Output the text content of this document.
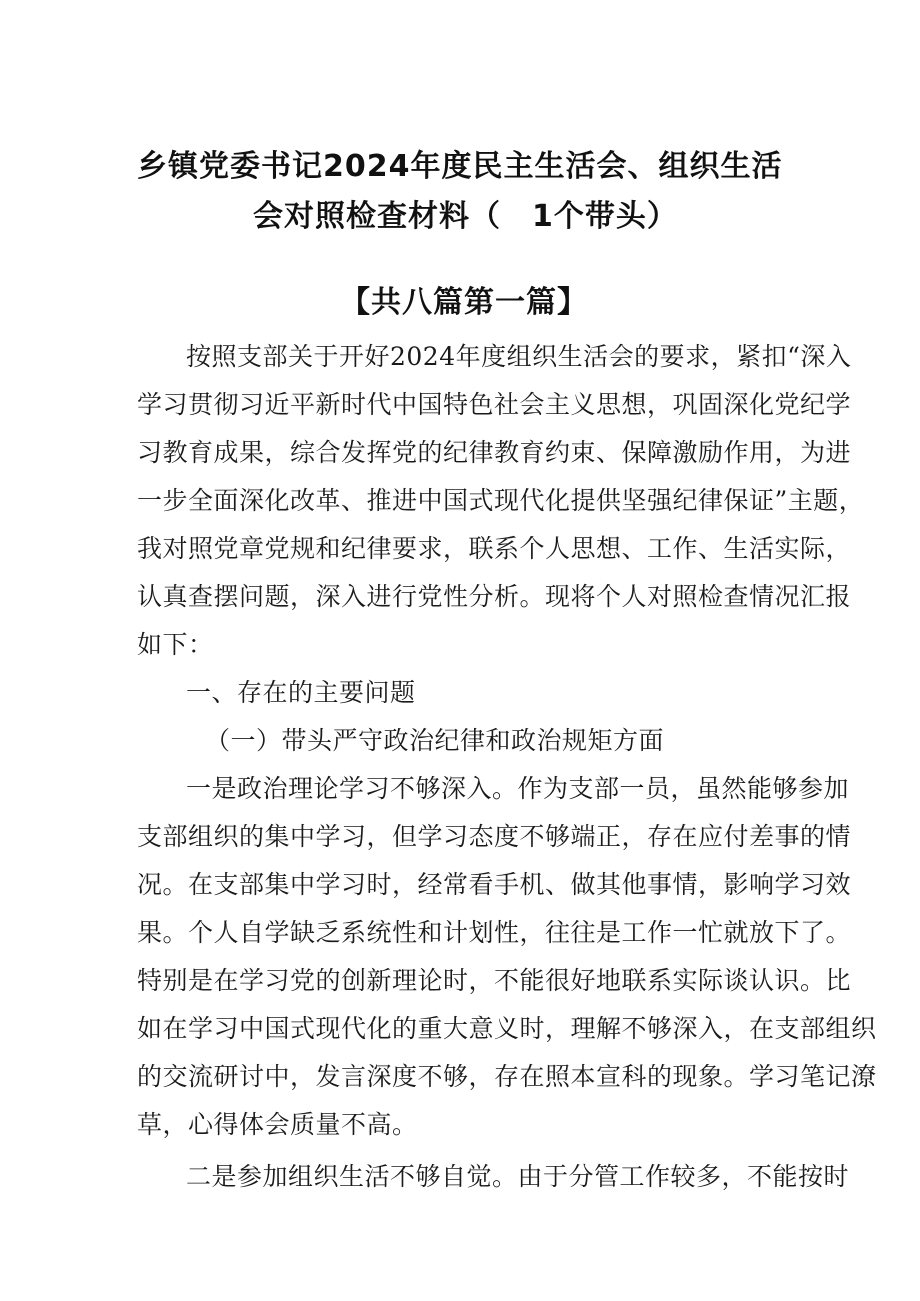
乡镇党委书记2024年度民主生活会、组织生活
会对照检查材料（　1个带头）
【共八篇第一篇】
按照支部关于开好2024年度组织生活会的要求，紧扣“深入
学习贯彻习近平新时代中国特色社会主义思想，巩固深化党纪学
习教育成果，综合发挥党的纪律教育约束、保障激励作用，为进
一步全面深化改革、推进中国式现代化提供坚强纪律保证”主题，
我对照党章党规和纪律要求，联系个人思想、工作、生活实际，
认真查摆问题，深入进行党性分析。现将个人对照检查情况汇报
如下：
一、存在的主要问题
（一）带头严守政治纪律和政治规矩方面
一是政治理论学习不够深入。作为支部一员，虽然能够参加
支部组织的集中学习，但学习态度不够端正，存在应付差事的情
况。在支部集中学习时，经常看手机、做其他事情，影响学习效
果。个人自学缺乏系统性和计划性，往往是工作一忙就放下了。
特别是在学习党的创新理论时，不能很好地联系实际谈认识。比
如在学习中国式现代化的重大意义时，理解不够深入，在支部组织
的交流研讨中，发言深度不够，存在照本宣科的现象。学习笔记潦
草，心得体会质量不高。
二是参加组织生活不够自觉。由于分管工作较多，不能按时
